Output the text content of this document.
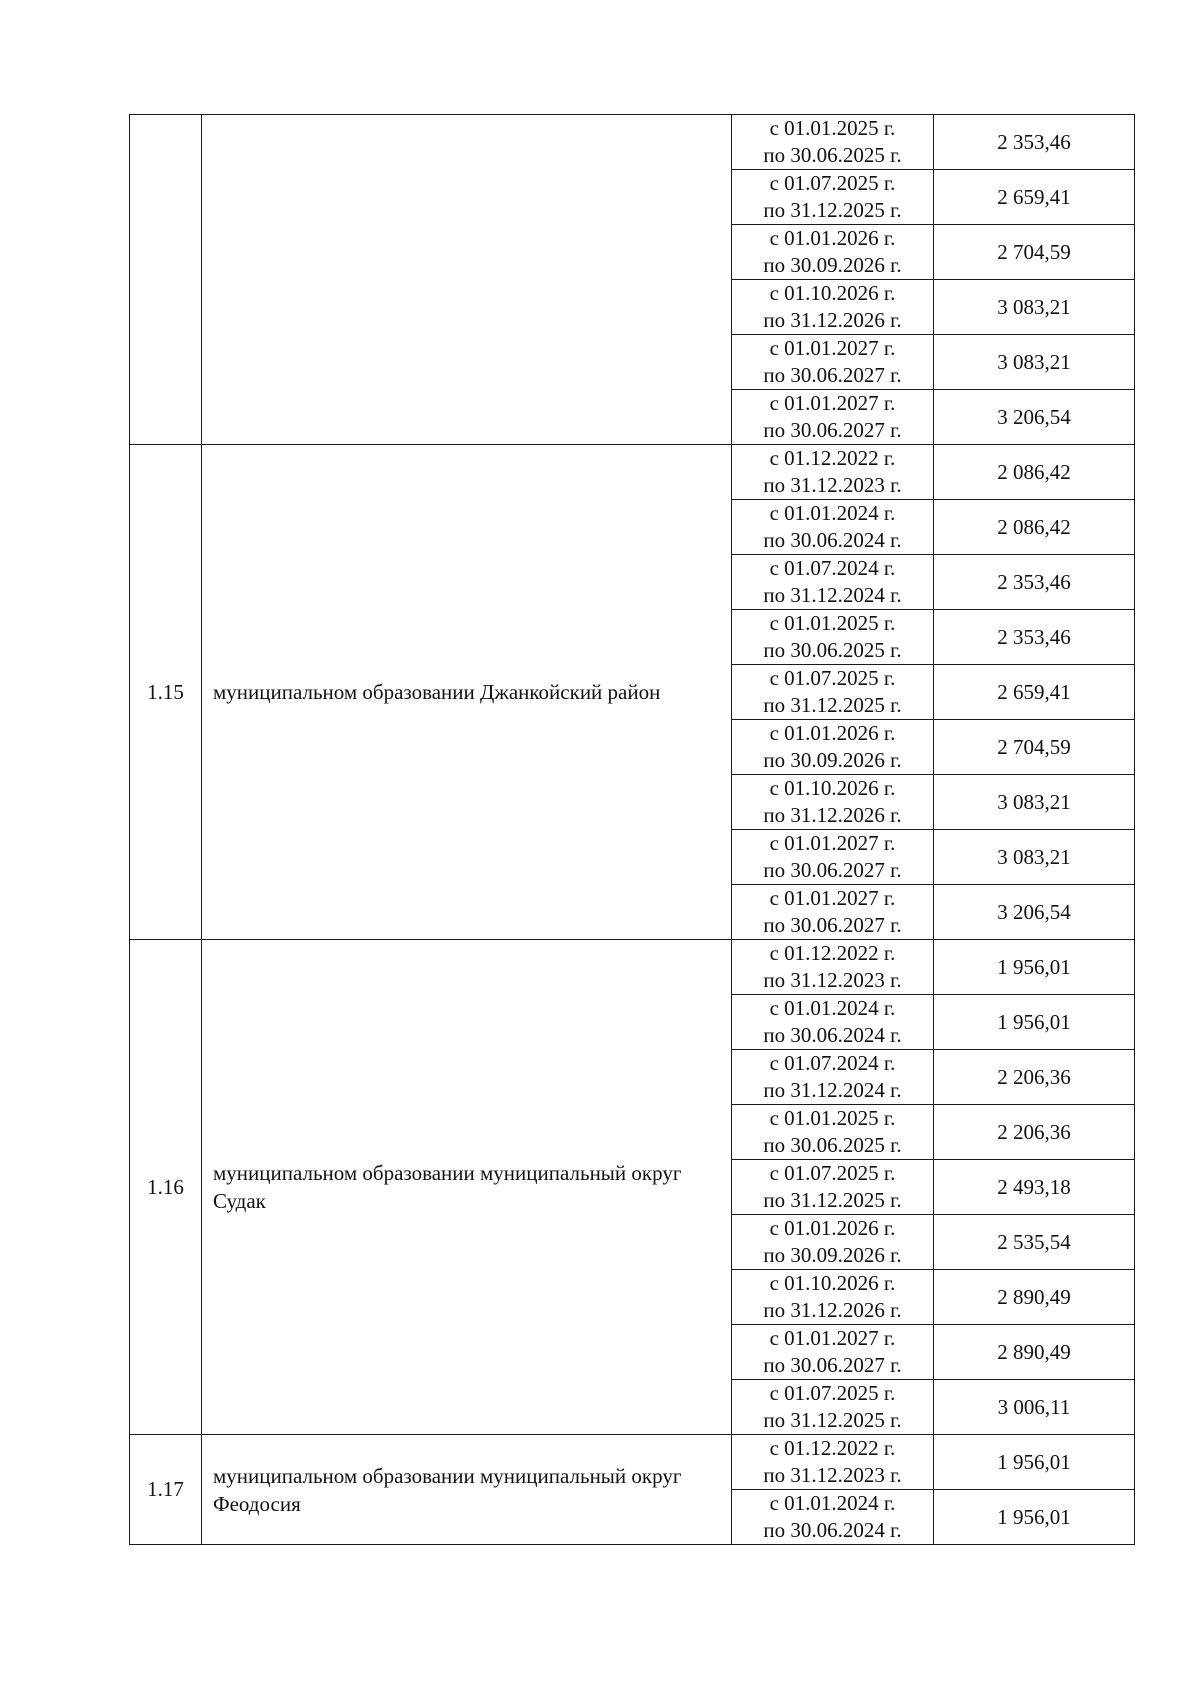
		с 01.01.2025 г.
по 30.06.2025 г.	2 353,46

		с 01.07.2025 г.
по 31.12.2025 г.	2 659,41

		с 01.01.2026 г.
по 30.09.2026 г.	2 704,59

		с 01.10.2026 г.
по 31.12.2026 г.	3 083,21

		с 01.01.2027 г.
по 30.06.2027 г.	3 083,21

		с 01.01.2027 г.
по 30.06.2027 г.	3 206,54
1.15	муниципальном образовании Джанкойский район	с 01.12.2022 г.
по 31.12.2023 г.	2 086,42

		с 01.01.2024 г.
по 30.06.2024 г.	2 086,42

		с 01.07.2024 г.
по 31.12.2024 г.	2 353,46

		с 01.01.2025 г.
по 30.06.2025 г.	2 353,46

		с 01.07.2025 г.
по 31.12.2025 г.	2 659,41

		с 01.01.2026 г.
по 30.09.2026 г.	2 704,59

		с 01.10.2026 г.
по 31.12.2026 г.	3 083,21

		с 01.01.2027 г.
по 30.06.2027 г.	3 083,21

		с 01.01.2027 г.
по 30.06.2027 г.	3 206,54
1.16	муниципальном образовании муниципальный округ Судак	с 01.12.2022 г.
по 31.12.2023 г.	1 956,01

		с 01.01.2024 г.
по 30.06.2024 г.	1 956,01

		с 01.07.2024 г.
по 31.12.2024 г.	2 206,36

		с 01.01.2025 г.
по 30.06.2025 г.	2 206,36

		с 01.07.2025 г.
по 31.12.2025 г.	2 493,18

		с 01.01.2026 г.
по 30.09.2026 г.	2 535,54

		с 01.10.2026 г.
по 31.12.2026 г.	2 890,49

		с 01.01.2027 г.
по 30.06.2027 г.	2 890,49

		с 01.07.2025 г.
по 31.12.2025 г.	3 006,11
1.17	муниципальном образовании муниципальный округ Феодосия	с 01.12.2022 г.
по 31.12.2023 г.	1 956,01

		с 01.01.2024 г.
по 30.06.2024 г.	1 956,01
